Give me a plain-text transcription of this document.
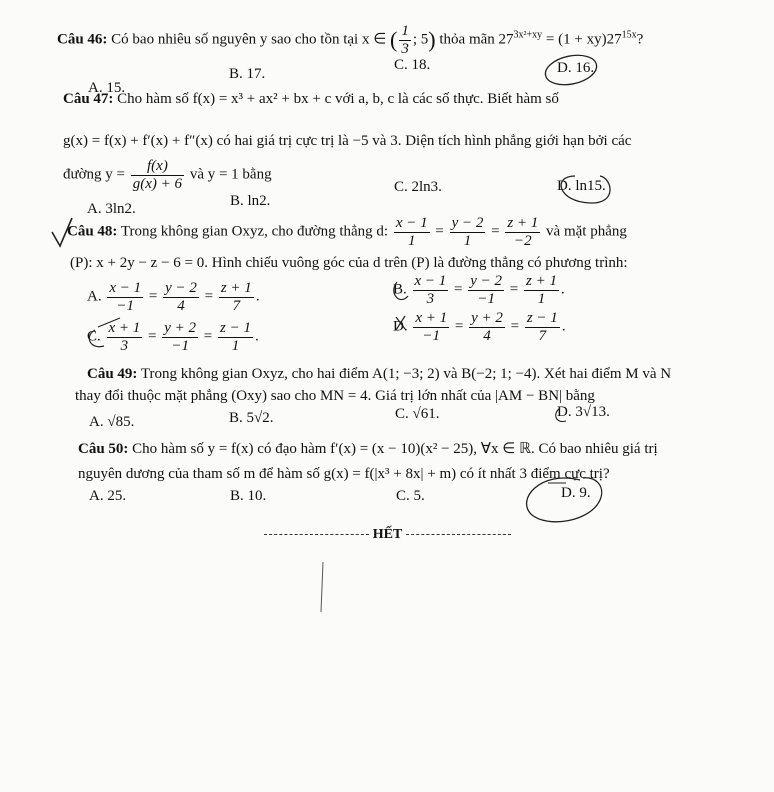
Câu 46: Có bao nhiêu số nguyên y sao cho tồn tại x ∈ ( $\frac{1}{3}$ ; 5) thỏa mãn $27^{3x^2+xy} = (1 + xy)27^{15x}$?
A. 15.
B. 17.
C. 18.	D. 16.
Câu 47: Cho hàm số f(x) = x³ + ax² + bx + c với a, b, c là các số thực. Biết hàm số
g(x) = f(x) + f′(x) + f″(x) có hai giá trị cực trị là −5 và 3. Diện tích hình phẳng giới hạn bởi các
đường $y = \frac{f(x)}{g(x) + 6}$ và y = 1 bằng
A. 3ln2.	B. ln2.
C. 2ln3.	D. ln15.
Câu 48: Trong không gian Oxyz, cho đường thẳng d: $\frac{x - 1}{1} = \frac{y - 2}{1} = \frac{z + 1}{-2}$ và mặt phẳng
(P): x + 2y − z − 6 = 0. Hình chiếu vuông góc của d trên (P) là đường thẳng có phương trình:
A. $\frac{x - 1}{-1} = \frac{y - 2}{4} = \frac{z + 1}{7}$ .	B. $\frac{x - 1}{3} = \frac{y - 2}{-1} = \frac{z + 1}{1}$ .
C. $\frac{x + 1}{3} = \frac{y + 2}{-1} = \frac{z - 1}{1}$ .
D. $\frac{x + 1}{-1} = \frac{y + 2}{4} = \frac{z - 1}{7}$ .
Câu 49: Trong không gian Oxyz, cho hai điểm A(1; −3; 2) và B(−2; 1; −4). Xét hai điểm M và N
thay đổi thuộc mặt phẳng (Oxy) sao cho MN = 4. Giá trị lớn nhất của |AM − BN| bằng
A. √85.	B. 5√2.	C. √61.	D. 3√13.
Câu 50: Cho hàm số y = f(x) có đạo hàm f′(x) = (x − 10)(x² − 25), ∀x ∈ ℝ. Có bao nhiêu giá trị
nguyên dương của tham số m để hàm số g(x) = f(|x³ + 8x| + m) có ít nhất 3 điểm cực trị?
A. 25.	B. 10.	C. 5.	D. 9.
HẾT
